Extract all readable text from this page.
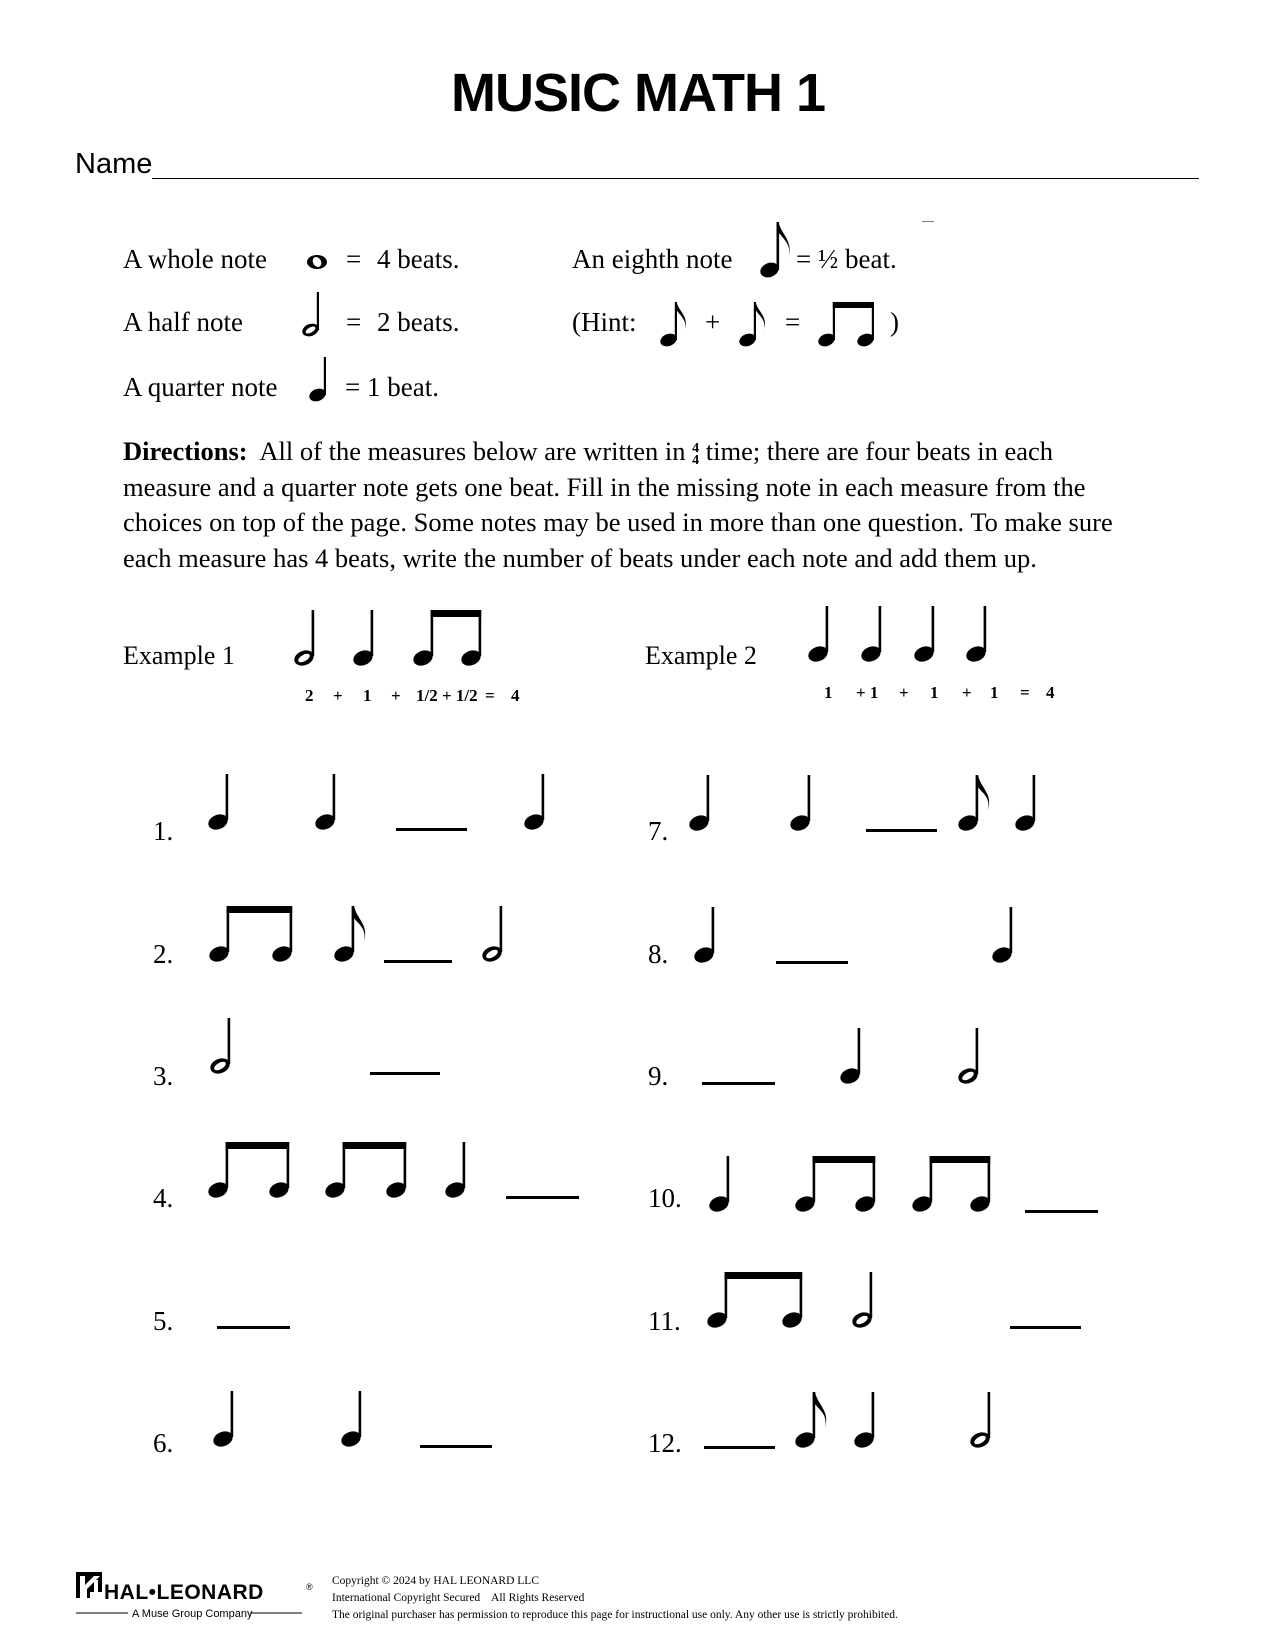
MUSIC MATH 1
Name
A whole note	= 4 beats.
A half note	= 2 beats.
A quarter note	= 1 beat.
An eighth note = ½ beat.
(Hint:	+ =	)
Directions: All of the measures below are written in 4
4 time; there are four beats in each measure and a quarter note gets one beat. Fill in the missing note in each measure from the choices on top of the page. Some notes may be used in more than one question. To make sure each measure has 4 beats, write the number of beats under each note and add them up.
Example 1	Example 2
2 + 1 + 1/2 + 1/2 = 4	1 + 1 + 1 + 1 = 4
1.
2.
3.
4.
5.
6.
7.
8.
9.
10.
11.
12.
HAL•LEONARD	®
A Muse Group Company
Copyright © 2024 by HAL LEONARD LLC
International Copyright Secured    All Rights Reserved
The original purchaser has permission to reproduce this page for instructional use only. Any other use is strictly prohibited.
